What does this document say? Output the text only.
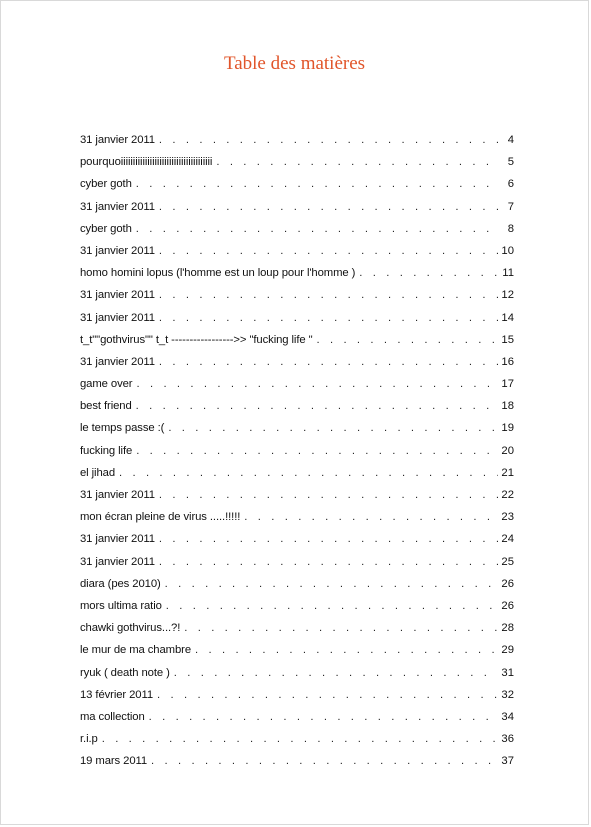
Table des matières
31 janvier 2011 . . .	4
pourquoiiiiiiiiiiiiiiiiiiiiiiiiiiiiiiiiiiiiii . . .	5
cyber goth . . .	6
31 janvier 2011 . . .	7
cyber goth . . .	8
31 janvier 2011 . . .	10
homo homini lopus (l'homme est un loup pour l'homme ) . . .	11
31 janvier 2011 . . .	12
31 janvier 2011 . . .	14
t_t""gothvirus"" t_t ----------------->> "fucking life " . . .	15
31 janvier 2011 . . .	16
game over . . .	17
best friend . . .	18
le temps passe :( . . .	19
fucking life . . .	20
el jihad . . .	21
31 janvier 2011 . . .	22
mon écran pleine de virus .....!!!!! . . .	23
31 janvier 2011 . . .	24
31 janvier 2011 . . .	25
diara (pes 2010) . . .	26
mors ultima ratio . . .	26
chawki gothvirus...?! . . .	28
le mur de ma chambre . . .	29
ryuk ( death note ) . . .	31
13 février 2011 . . .	32
ma collection . . .	34
r.i.p . . .	36
19 mars 2011 . . .	37
